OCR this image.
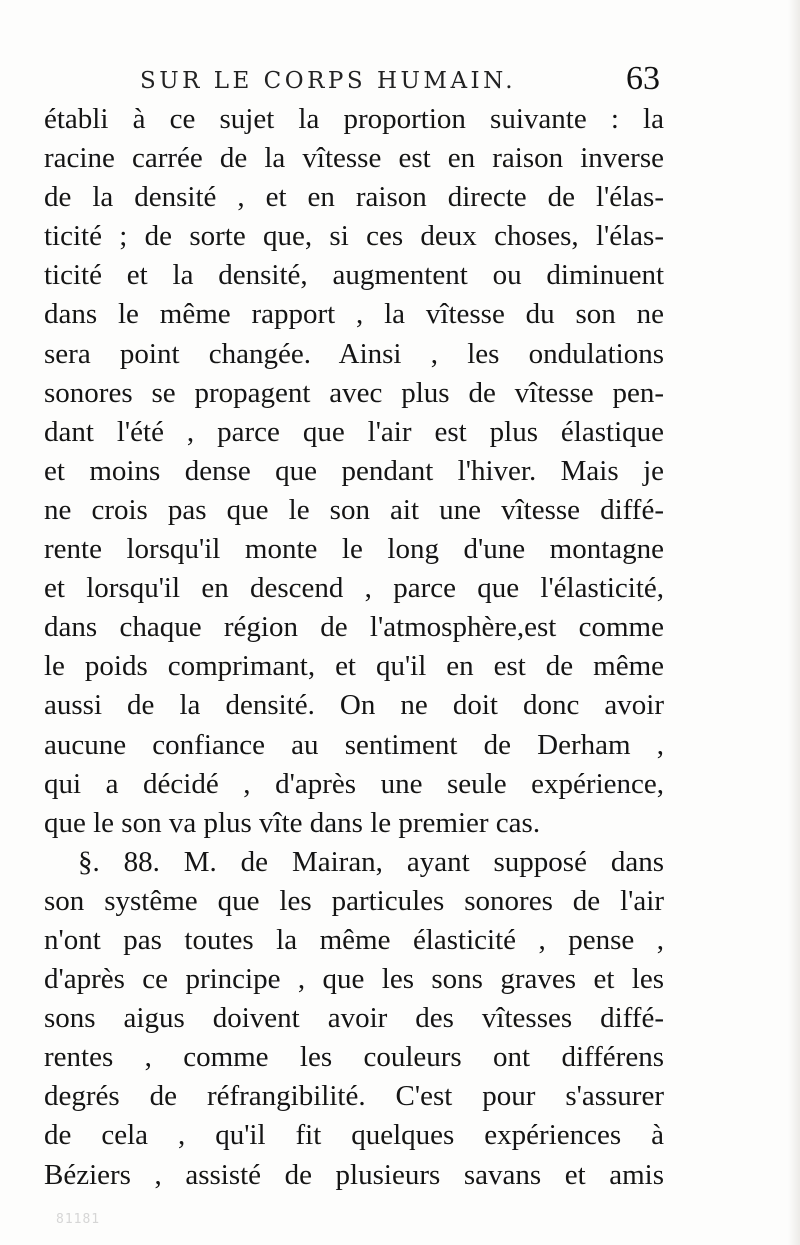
SUR LE CORPS HUMAIN.	63
établi à ce sujet la proportion suivante : la
racine carrée de la vîtesse est en raison inverse
de la densité , et en raison directe de l'élas-
ticité ; de sorte que, si ces deux choses, l'élas-
ticité et la densité, augmentent ou diminuent
dans le même rapport , la vîtesse du son ne
sera point changée. Ainsi , les ondulations
sonores se propagent avec plus de vîtesse pen-
dant l'été , parce que l'air est plus élastique
et moins dense que pendant l'hiver. Mais je
ne crois pas que le son ait une vîtesse diffé-
rente lorsqu'il monte le long d'une montagne
et lorsqu'il en descend , parce que l'élasticité,
dans chaque région de l'atmosphère,est comme
le poids comprimant, et qu'il en est de même
aussi de la densité. On ne doit donc avoir
aucune confiance au sentiment de Derham ,
qui a décidé , d'après une seule expérience,
que le son va plus vîte dans le premier cas.
§. 88. M. de Mairan, ayant supposé dans
son systême que les particules sonores de l'air
n'ont pas toutes la même élasticité , pense ,
d'après ce principe , que les sons graves et les
sons aigus doivent avoir des vîtesses diffé-
rentes , comme les couleurs ont différens
degrés de réfrangibilité. C'est pour s'assurer
de cela , qu'il fit quelques expériences à
Béziers , assisté de plusieurs savans et amis
81181
